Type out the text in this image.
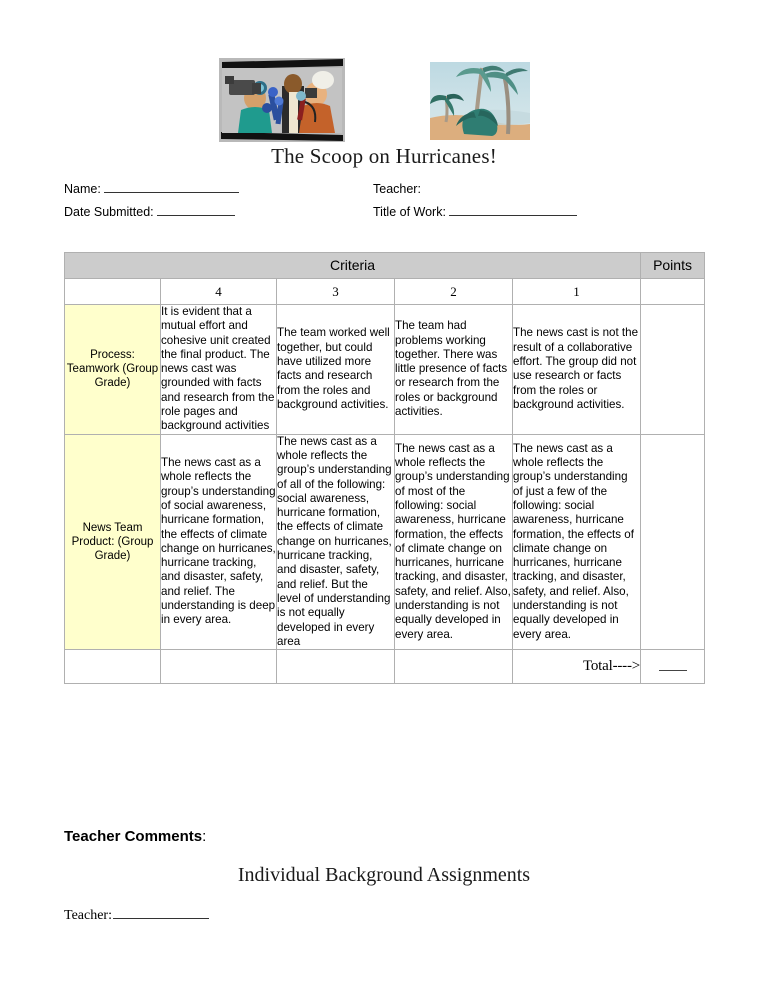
The Scoop on Hurricanes!
Name:	Teacher:
Date Submitted:	Title of Work:
Criteria					Points
	4	3	2	1	
Process: Teamwork (Group Grade)	It is evident that a mutual effort and cohesive unit created the final product. The news cast was grounded with facts and research from the role pages and background activities	The team worked well together, but could have utilized more facts and research from the roles and background activities.	The team had problems working together. There was little presence of facts or research from the roles or background activities.	The news cast is not the result of a collaborative effort. The group did not use research or facts from the roles or background activities.	
News Team Product: (Group Grade)	The news cast as a whole reflects the group’s understanding of social awareness, hurricane formation, the effects of climate change on hurricanes, hurricane tracking, and disaster, safety, and relief. The understanding is deep in every area.	The news cast as a whole reflects the group’s understanding of all of the following: social awareness, hurricane formation, the effects of climate change on hurricanes, hurricane tracking, and disaster, safety, and relief. But the level of understanding is not equally developed in every area	The news cast as a whole reflects the group’s understanding of most of the following: social awareness, hurricane formation, the effects of climate change on hurricanes, hurricane tracking, and disaster, safety, and relief. Also, understanding is not equally developed in every area.	The news cast as a whole reflects the group’s understanding of just a few of the following: social awareness, hurricane formation, the effects of climate change on hurricanes, hurricane tracking, and disaster, safety, and relief. Also, understanding is not equally developed in every area.	
				Total---->	
Teacher Comments:
Individual Background Assignments
Teacher:
